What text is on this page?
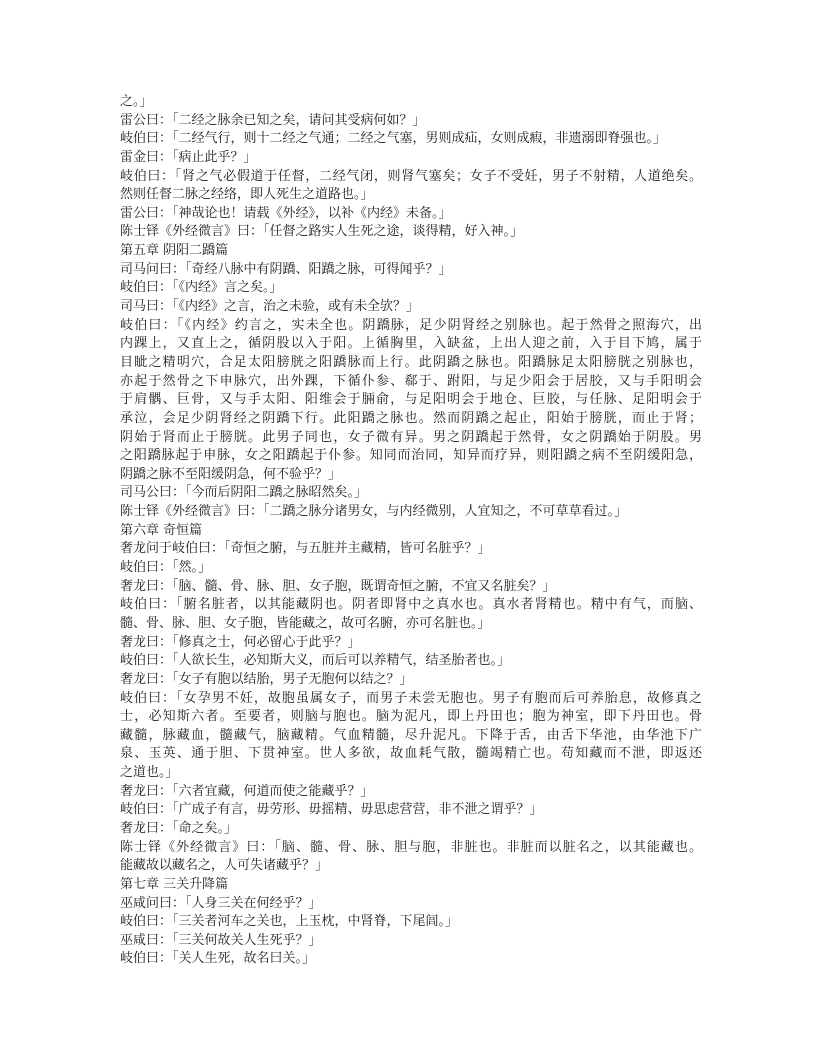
之。」
雷公曰：「二经之脉余已知之矣，请问其受病何如？」
岐伯曰：「二经气行，则十二经之气通；二经之气塞，男则成疝，女则成瘕，非遗溺即脊强也。」
雷金曰：「病止此乎？」
岐伯曰：「肾之气必假道于任督，二经气闭，则肾气塞矣；女子不受妊，男子不射精，人道绝矣。
然则任督二脉之经络，即人死生之道路也。」
雷公曰：「神哉论也！请载《外经》，以补《内经》未备。」
陈士铎《外经微言》曰：「任督之路实人生死之途，谈得精，好入神。」
第五章 阴阳二蹻篇
司马问曰：「奇经八脉中有阴蹻、阳蹻之脉，可得闻乎？」
岐伯曰：「《内经》言之矣。」
司马曰：「《内经》之言，治之未验，或有未全欤？」
岐伯曰：「《内经》约言之，实未全也。阴蹻脉，足少阴肾经之别脉也。起于然骨之照海穴，出
内踝上，又直上之，循阴股以入于阳。上循胸里，入缺盆，上出人迎之前，入于目下鸠，属于
目眦之精明穴，合足太阳膀胱之阳蹻脉而上行。此阴蹻之脉也。阳蹻脉足太阳膀胱之别脉也，
亦起于然骨之下申脉穴，出外踝，下循仆参、郗于、跗阳，与足少阳会于居胶，又与手阳明会
于肩髃、巨骨，又与手太阳、阳维会于脼俞，与足阳明会于地仓、巨胶，与任脉、足阳明会于
承泣，会足少阴肾经之阴蹻下行。此阳蹻之脉也。然而阴蹻之起止，阳始于膀胱，而止于肾；
阴始于肾而止于膀胱。此男子同也，女子微有异。男之阴蹻起于然骨，女之阴蹻始于阴股。男
之阳蹻脉起于申脉，女之阳蹻起于仆参。知同而治同，知异而疗异，则阳蹻之病不至阴缓阳急，
阴蹻之脉不至阳缓阴急，何不验乎？」
司马公曰：「今而后阴阳二蹻之脉昭然矣。」
陈士铎《外经微言》曰：「二蹻之脉分诸男女，与内经微别，人宜知之，不可草草看过。」
第六章 奇恒篇
奢龙问于岐伯曰：「奇恒之腑，与五脏并主藏精，皆可名脏乎？」
岐伯曰：「然。」
奢龙曰：「脑、髓、骨、脉、胆、女子胞，既谓奇恒之腑，不宜又名脏矣？」
岐伯曰：「腑名脏者，以其能藏阴也。阴者即肾中之真水也。真水者肾精也。精中有气，而脑、
髓、骨、脉、胆、女子胞，皆能藏之，故可名腑，亦可名脏也。」
奢龙曰：「修真之士，何必留心于此乎？」
岐伯曰：「人欲长生，必知斯大义，而后可以养精气，结圣胎者也。」
奢龙曰：「女子有胞以结胎，男子无胞何以结之？」
岐伯曰：「女孕男不妊，故胞虽属女子，而男子未尝无胞也。男子有胞而后可养胎息，故修真之
士，必知斯六者。至要者，则脑与胞也。脑为泥凡，即上丹田也；胞为神室，即下丹田也。骨
藏髓，脉藏血，髓藏气，脑藏精。气血精髓，尽升泥凡。下降于舌，由舌下华池，由华池下广
泉、玉英、通于胆、下贯神室。世人多欲，故血耗气散，髓竭精亡也。苟知藏而不泄，即返还
之道也。」
奢龙曰：「六者宜藏，何道而使之能藏乎？」
岐伯曰：「广成子有言，毋劳形、毋摇精、毋思虑营营，非不泄之谓乎？」
奢龙曰：「命之矣。」
陈士铎《外经微言》曰：「脑、髓、骨、脉、胆与胞，非脏也。非脏而以脏名之，以其能藏也。
能藏故以藏名之，人可失诸藏乎？」
第七章 三关升降篇
巫咸问曰：「人身三关在何经乎？」
岐伯曰：「三关者河车之关也，上玉枕，中肾脊，下尾闾。」
巫咸曰：「三关何故关人生死乎？」
岐伯曰：「关人生死，故名曰关。」
